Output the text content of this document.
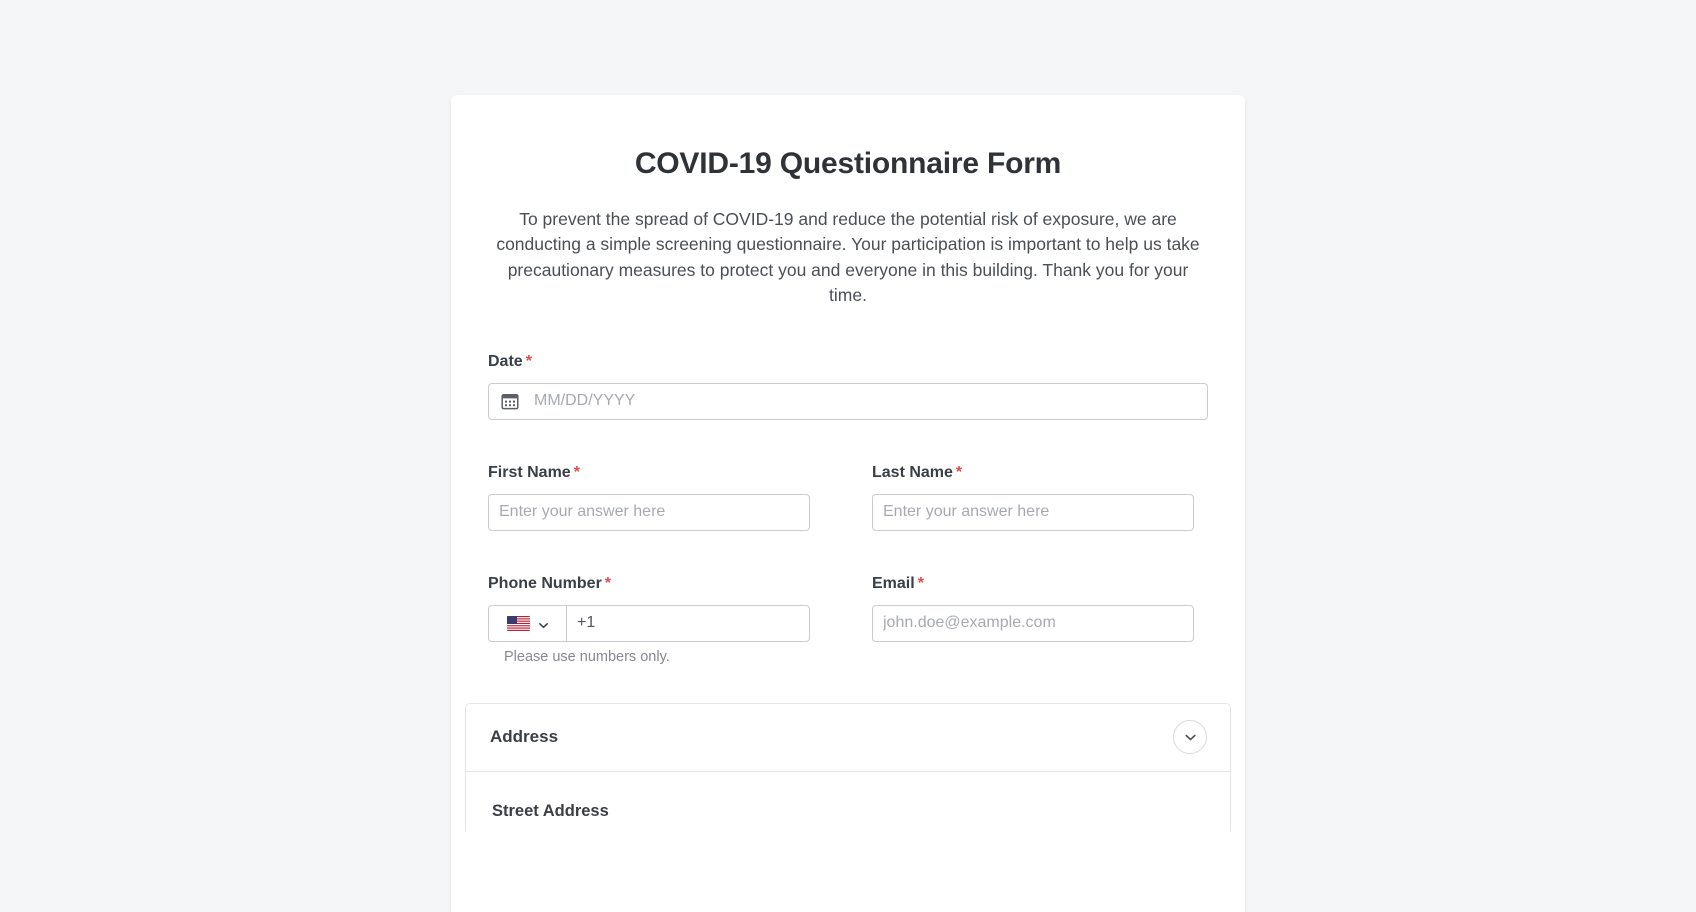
COVID-19 Questionnaire Form

To prevent the spread of COVID-19 and reduce the potential risk of exposure, we are conducting a simple screening questionnaire. Your participation is important to help us take precautionary measures to protect you and everyone in this building. Thank you for your time.

Date *
MM/DD/YYYY
First Name *
Enter your answer here	Last Name *
Enter your answer here
Phone Number *
+1
Please use numbers only.
Email *
john.doe@example.com
Address
Street Address
